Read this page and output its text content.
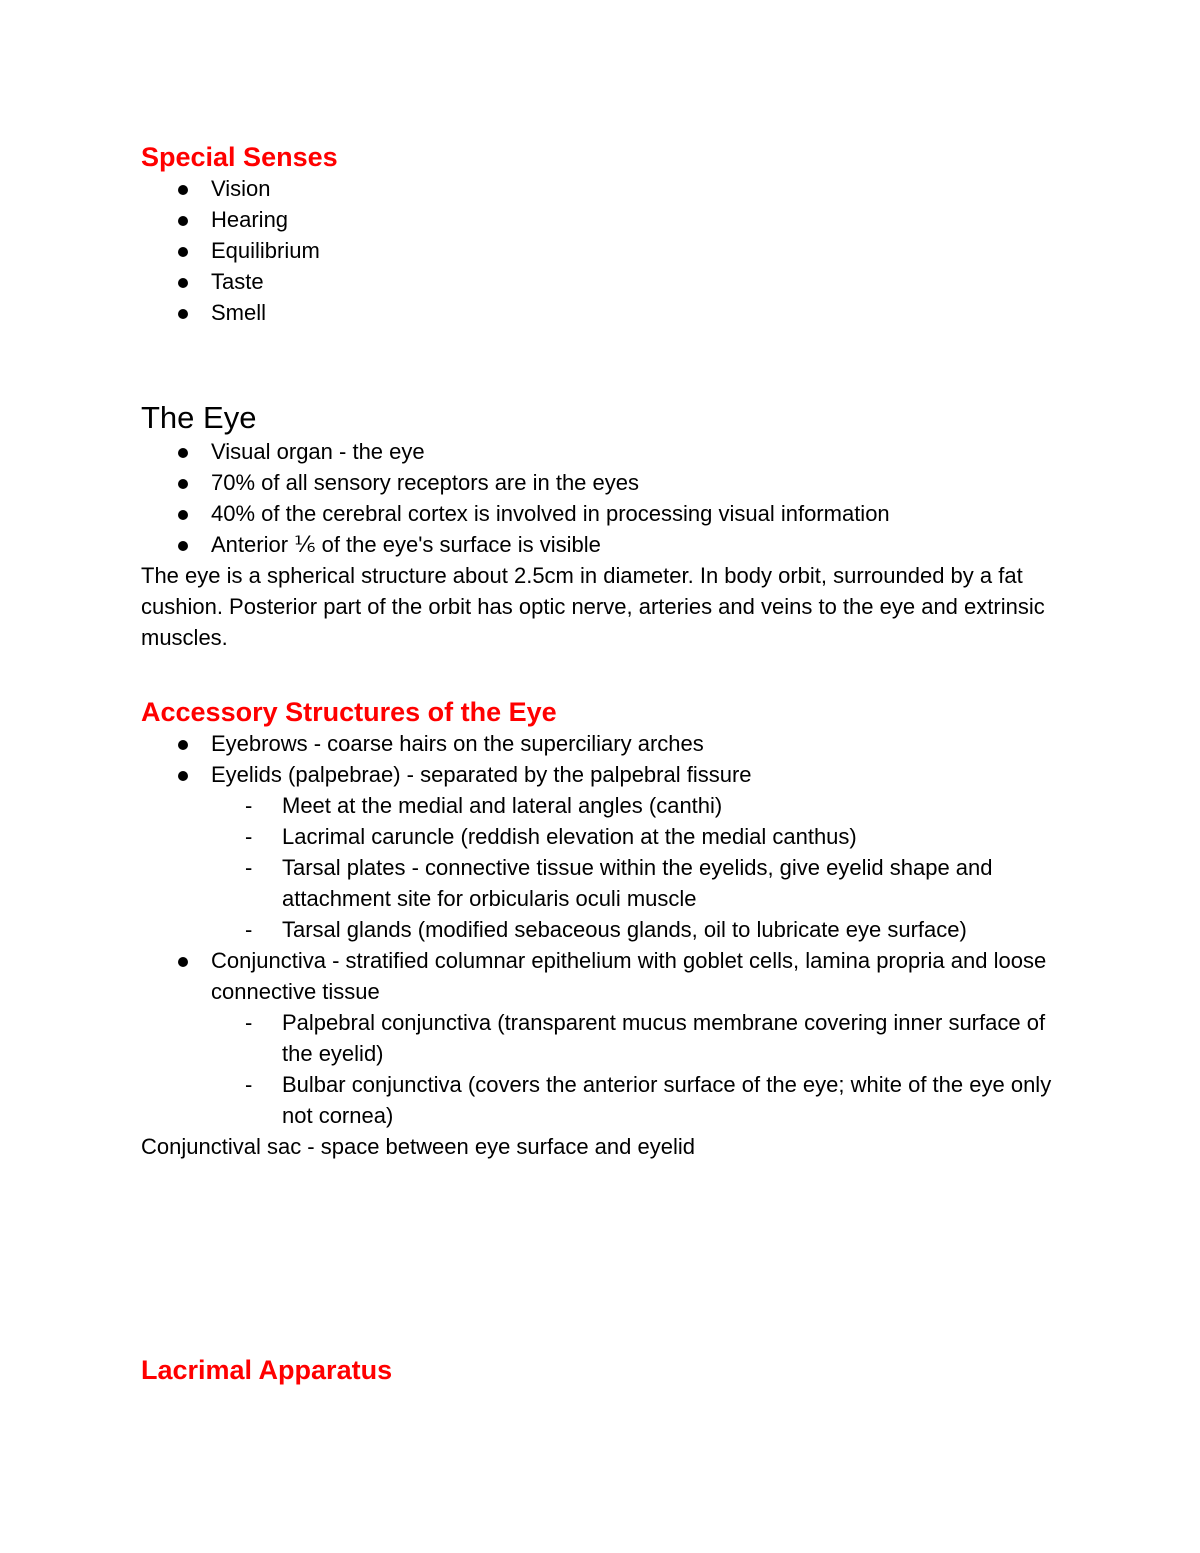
Special Senses
Vision
Hearing
Equilibrium
Taste
Smell
The Eye
Visual organ - the eye
70% of all sensory receptors are in the eyes
40% of the cerebral cortex is involved in processing visual information
Anterior ⅙ of the eye's surface is visible

The eye is a spherical structure about 2.5cm in diameter. In body orbit, surrounded by a fat cushion. Posterior part of the orbit has optic nerve, arteries and veins to the eye and extrinsic muscles.

Accessory Structures of the Eye
Eyebrows - coarse hairs on the superciliary arches
Eyelids (palpebrae) - separated by the palpebral fissure
- Meet at the medial and lateral angles (canthi)
- Lacrimal caruncle (reddish elevation at the medial canthus)
- Tarsal plates - connective tissue within the eyelids, give eyelid shape and attachment site for orbicularis oculi muscle
- Tarsal glands (modified sebaceous glands, oil to lubricate eye surface)
Conjunctiva - stratified columnar epithelium with goblet cells, lamina propria and loose connective tissue
- Palpebral conjunctiva (transparent mucus membrane covering inner surface of the eyelid)
- Bulbar conjunctiva (covers the anterior surface of the eye; white of the eye only not cornea)

Conjunctival sac - space between eye surface and eyelid

Lacrimal Apparatus
